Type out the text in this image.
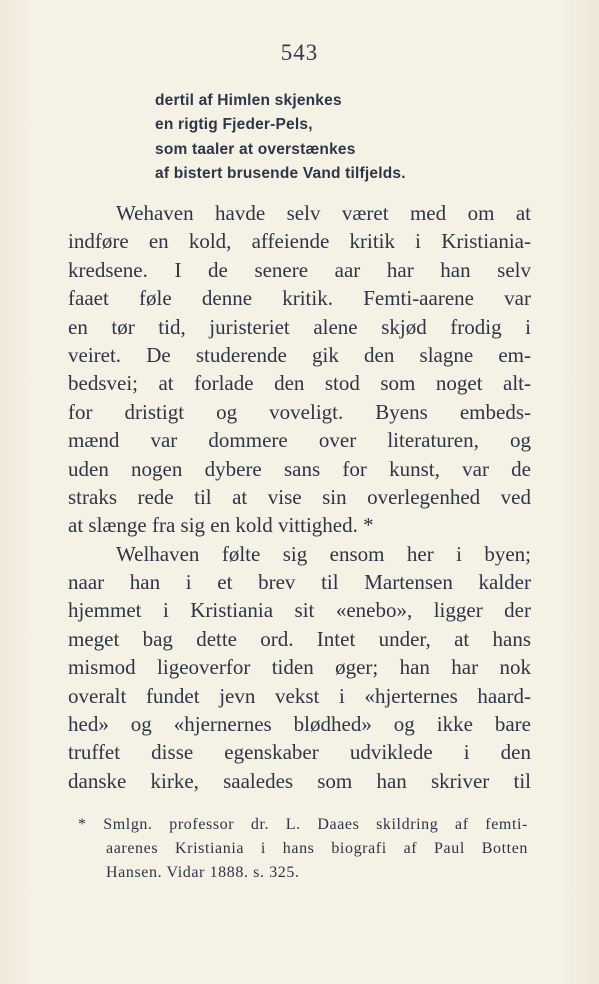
543
dertil af Himlen skjenkes
en rigtig Fjeder-Pels,
som taaler at overstænkes
af bistert brusende Vand tilfjelds.
Wehaven havde selv været med om at
indføre en kold, affeiende kritik i Kristiania-
kredsene. I de senere aar har han selv
faaet føle denne kritik. Femti-aarene var
en tør tid, juristeriet alene skjød frodig i
veiret. De studerende gik den slagne em-
bedsvei; at forlade den stod som noget alt-
for dristigt og voveligt. Byens embeds-
mænd var dommere over literaturen, og
uden nogen dybere sans for kunst, var de
straks rede til at vise sin overlegenhed ved
at slænge fra sig en kold vittighed. *
Welhaven følte sig ensom her i byen;
naar han i et brev til Martensen kalder
hjemmet i Kristiania sit «enebo», ligger der
meget bag dette ord. Intet under, at hans
mismod ligeoverfor tiden øger; han har nok
overalt fundet jevn vekst i «hjerternes haard-
hed» og «hjernernes blødhed» og ikke bare
truffet disse egenskaber udviklede i den
danske kirke, saaledes som han skriver til
* Smlgn. professor dr. L. Daaes skildring af femti-
aarenes Kristiania i hans biografi af Paul Botten
Hansen. Vidar 1888. s. 325.
